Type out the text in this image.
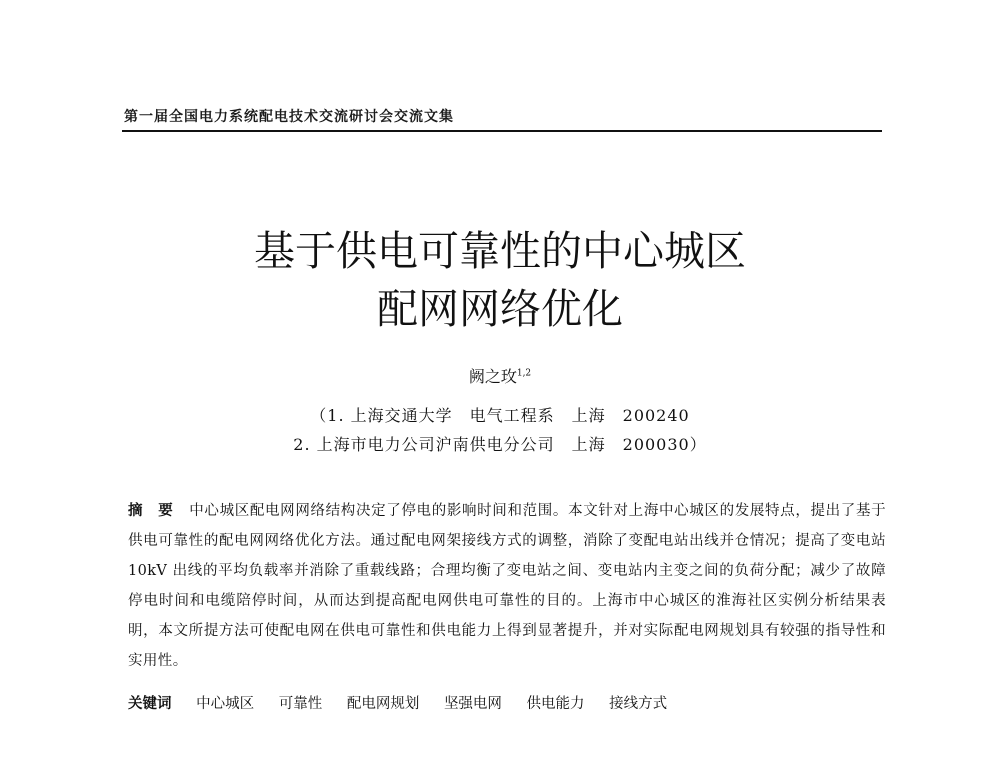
第一届全国电力系统配电技术交流研讨会交流文集
基于供电可靠性的中心城区
配网网络优化
阙之玫$^{1,2}$
（1. 上海交通大学　电气工程系　上海　200240
2. 上海市电力公司沪南供电分公司　上海　200030）
摘　要 中心城区配电网网络结构决定了停电的影响时间和范围。本文针对上海中心城区的发展特点，提出了基于供电可靠性的配电网网络优化方法。通过配电网架接线方式的调整，消除了变配电站出线并仓情况；提高了变电站 10kV 出线的平均负载率并消除了重载线路；合理均衡了变电站之间、变电站内主变之间的负荷分配；减少了故障停电时间和电缆陪停时间，从而达到提高配电网供电可靠性的目的。上海市中心城区的淮海社区实例分析结果表明，本文所提方法可使配电网在供电可靠性和供电能力上得到显著提升，并对实际配电网规划具有较强的指导性和实用性。
关键词 中心城区 可靠性 配电网规划 坚强电网 供电能力 接线方式
